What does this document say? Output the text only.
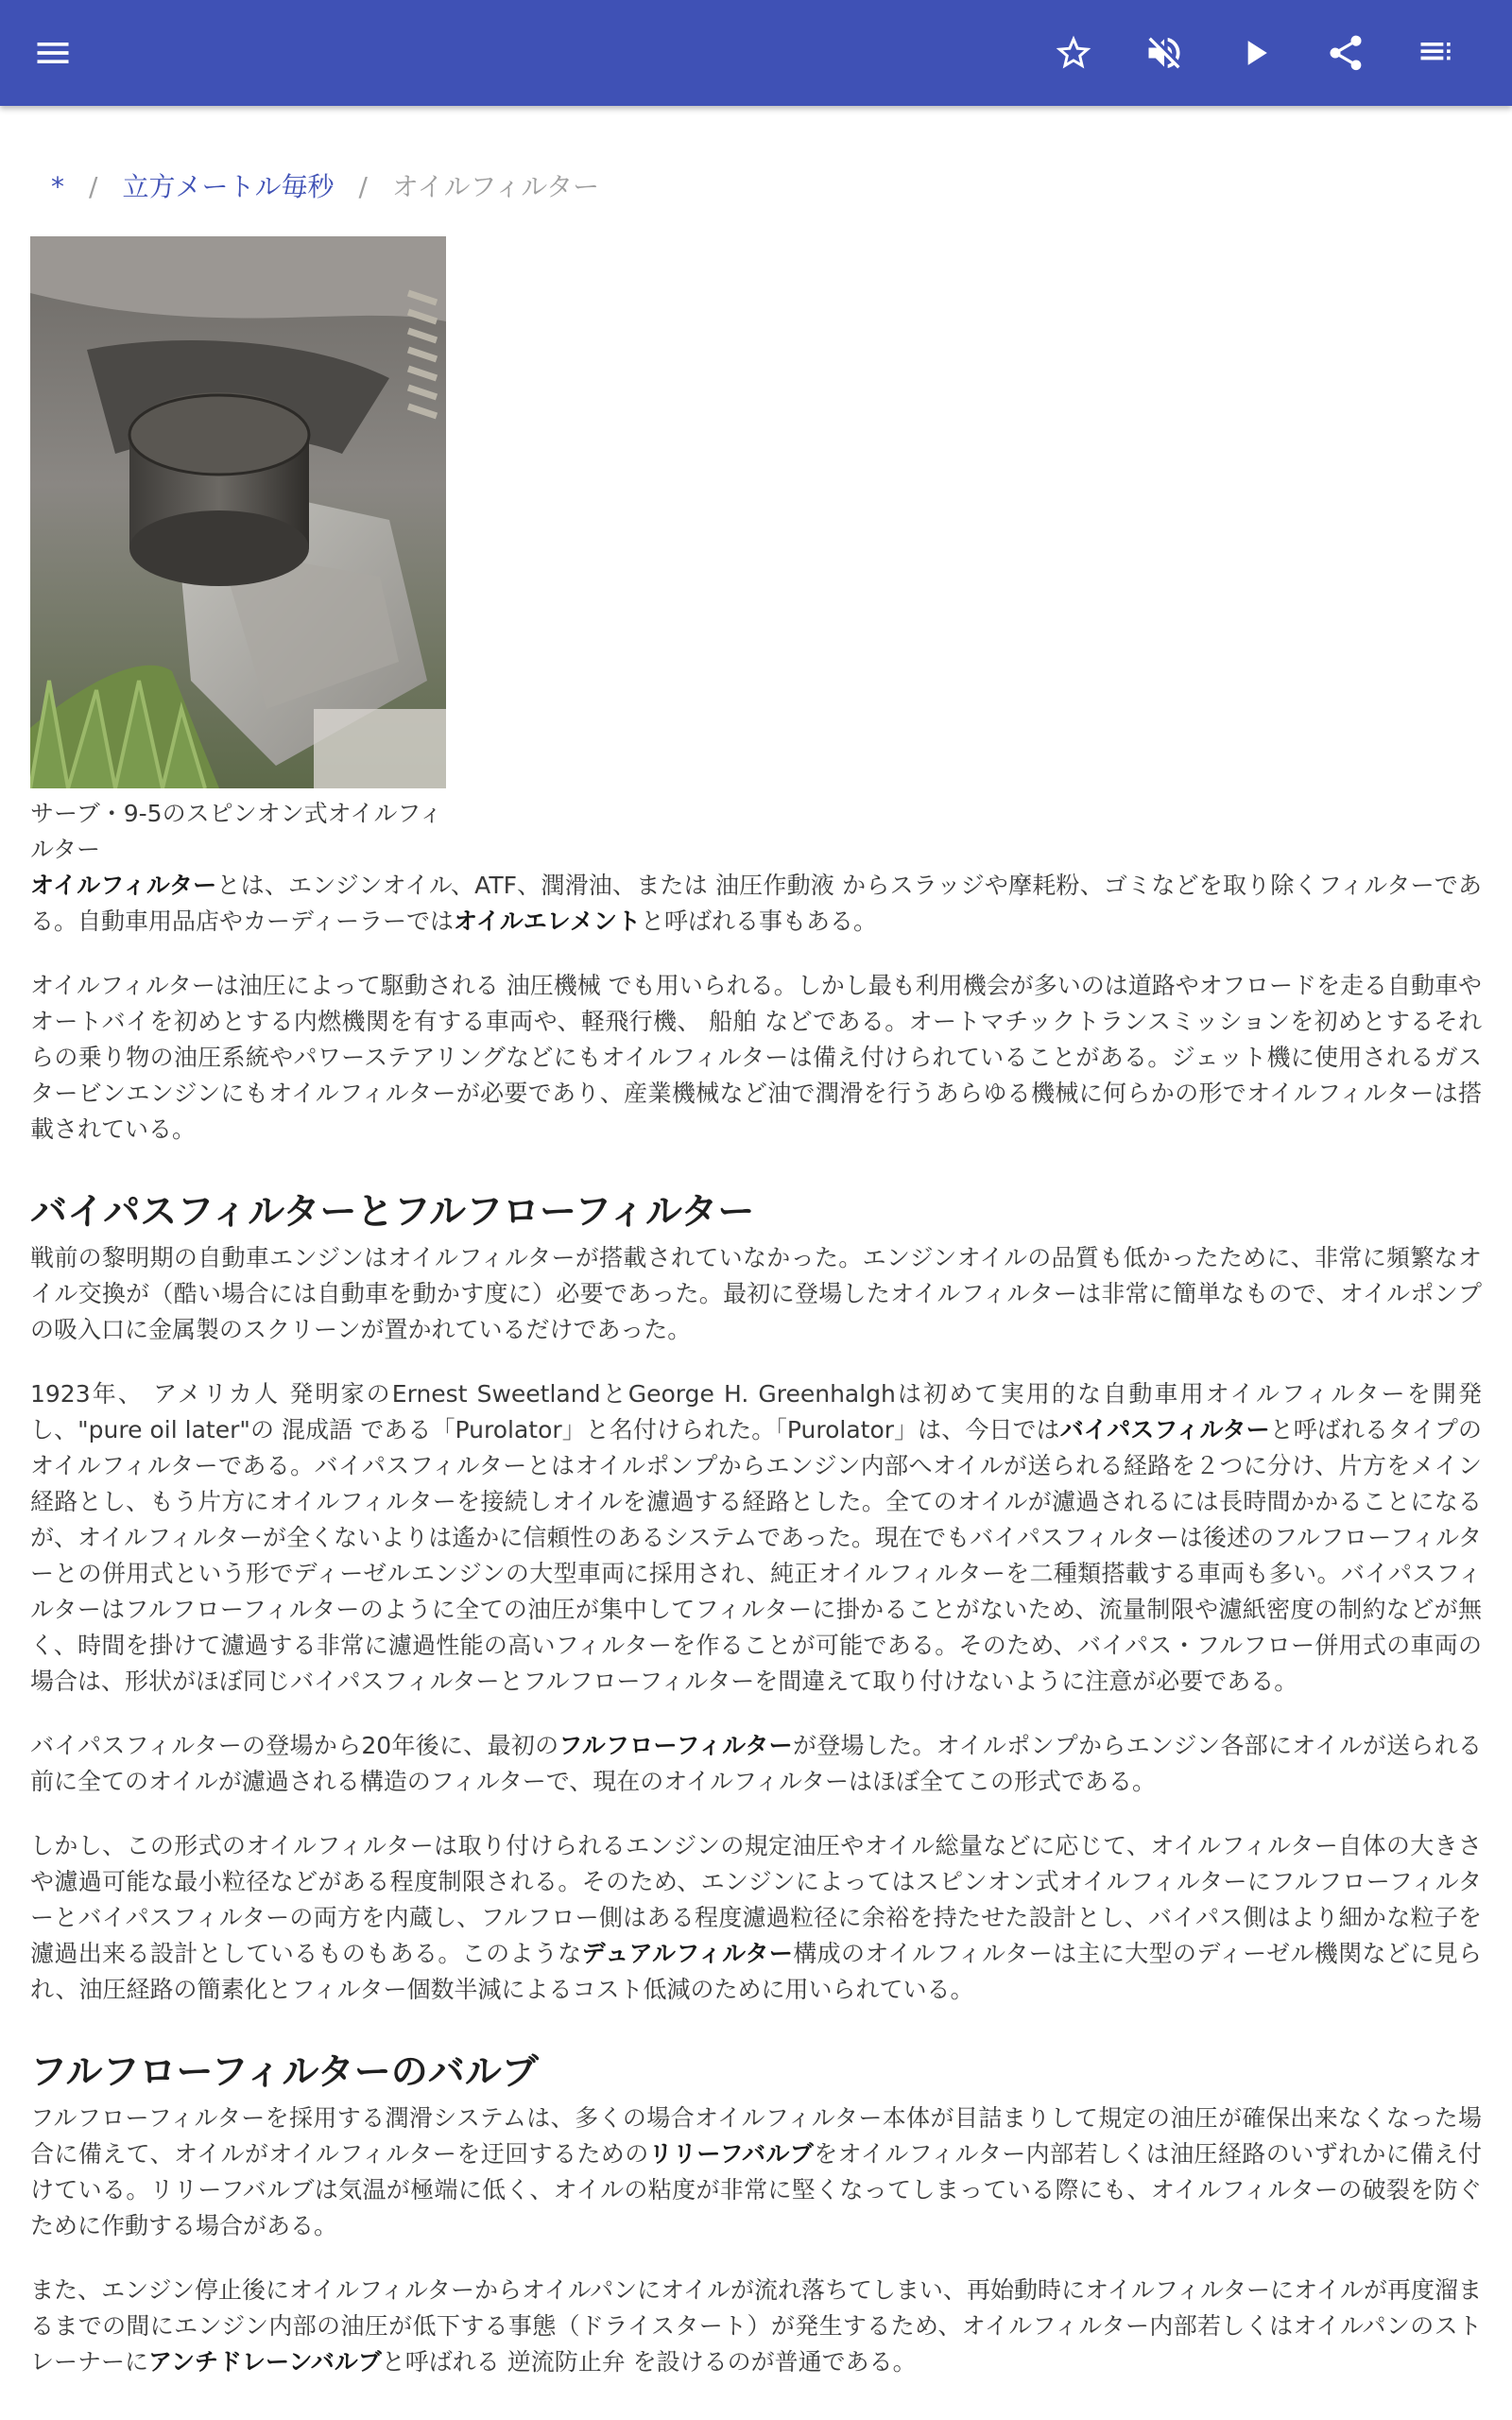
* / 立方メートル毎秒 / オイルフィルター
サーブ・9-5のスピンオン式オイルフィルター

オイルフィルターとは、エンジンオイル、ATF、潤滑油、または 油圧作動液 からスラッジや摩耗粉、ゴミなどを取り除くフィルターである。自動車用品店やカーディーラーではオイルエレメントと呼ばれる事もある。

オイルフィルターは油圧によって駆動される 油圧機械 でも用いられる。しかし最も利用機会が多いのは道路やオフロードを走る自動車やオートバイを初めとする内燃機関を有する車両や、軽飛行機、 船舶 などである。オートマチックトランスミッションを初めとするそれらの乗り物の油圧系統やパワーステアリングなどにもオイルフィルターは備え付けられていることがある。ジェット機に使用されるガスタービンエンジンにもオイルフィルターが必要であり、産業機械など油で潤滑を行うあらゆる機械に何らかの形でオイルフィルターは搭載されている。

バイパスフィルターとフルフローフィルター

戦前の黎明期の自動車エンジンはオイルフィルターが搭載されていなかった。エンジンオイルの品質も低かったために、非常に頻繁なオイル交換が（酷い場合には自動車を動かす度に）必要であった。最初に登場したオイルフィルターは非常に簡単なもので、オイルポンプの吸入口に金属製のスクリーンが置かれているだけであった。

1923年、 アメリカ人 発明家のErnest SweetlandとGeorge H. Greenhalghは初めて実用的な自動車用オイルフィルターを開発し、"pure oil later"の 混成語 である「Purolator」と名付けられた。「Purolator」は、今日ではバイパスフィルターと呼ばれるタイプのオイルフィルターである。バイパスフィルターとはオイルポンプからエンジン内部へオイルが送られる経路を２つに分け、片方をメイン経路とし、もう片方にオイルフィルターを接続しオイルを濾過する経路とした。全てのオイルが濾過されるには長時間かかることになるが、オイルフィルターが全くないよりは遙かに信頼性のあるシステムであった。現在でもバイパスフィルターは後述のフルフローフィルターとの併用式という形でディーゼルエンジンの大型車両に採用され、純正オイルフィルターを二種類搭載する車両も多い。バイパスフィルターはフルフローフィルターのように全ての油圧が集中してフィルターに掛かることがないため、流量制限や濾紙密度の制約などが無く、時間を掛けて濾過する非常に濾過性能の高いフィルターを作ることが可能である。そのため、バイパス・フルフロー併用式の車両の場合は、形状がほぼ同じバイパスフィルターとフルフローフィルターを間違えて取り付けないように注意が必要である。

バイパスフィルターの登場から20年後に、最初のフルフローフィルターが登場した。オイルポンプからエンジン各部にオイルが送られる前に全てのオイルが濾過される構造のフィルターで、現在のオイルフィルターはほぼ全てこの形式である。

しかし、この形式のオイルフィルターは取り付けられるエンジンの規定油圧やオイル総量などに応じて、オイルフィルター自体の大きさや濾過可能な最小粒径などがある程度制限される。そのため、エンジンによってはスピンオン式オイルフィルターにフルフローフィルターとバイパスフィルターの両方を内蔵し、フルフロー側はある程度濾過粒径に余裕を持たせた設計とし、バイパス側はより細かな粒子を濾過出来る設計としているものもある。このようなデュアルフィルター構成のオイルフィルターは主に大型のディーゼル機関などに見られ、油圧経路の簡素化とフィルター個数半減によるコスト低減のために用いられている。

フルフローフィルターのバルブ

フルフローフィルターを採用する潤滑システムは、多くの場合オイルフィルター本体が目詰まりして規定の油圧が確保出来なくなった場合に備えて、オイルがオイルフィルターを迂回するためのリリーフバルブをオイルフィルター内部若しくは油圧経路のいずれかに備え付けている。リリーフバルブは気温が極端に低く、オイルの粘度が非常に堅くなってしまっている際にも、オイルフィルターの破裂を防ぐために作動する場合がある。

また、エンジン停止後にオイルフィルターからオイルパンにオイルが流れ落ちてしまい、再始動時にオイルフィルターにオイルが再度溜まるまでの間にエンジン内部の油圧が低下する事態（ドライスタート）が発生するため、オイルフィルター内部若しくはオイルパンのストレーナーにアンチドレーンバルブと呼ばれる 逆流防止弁 を設けるのが普通である。
